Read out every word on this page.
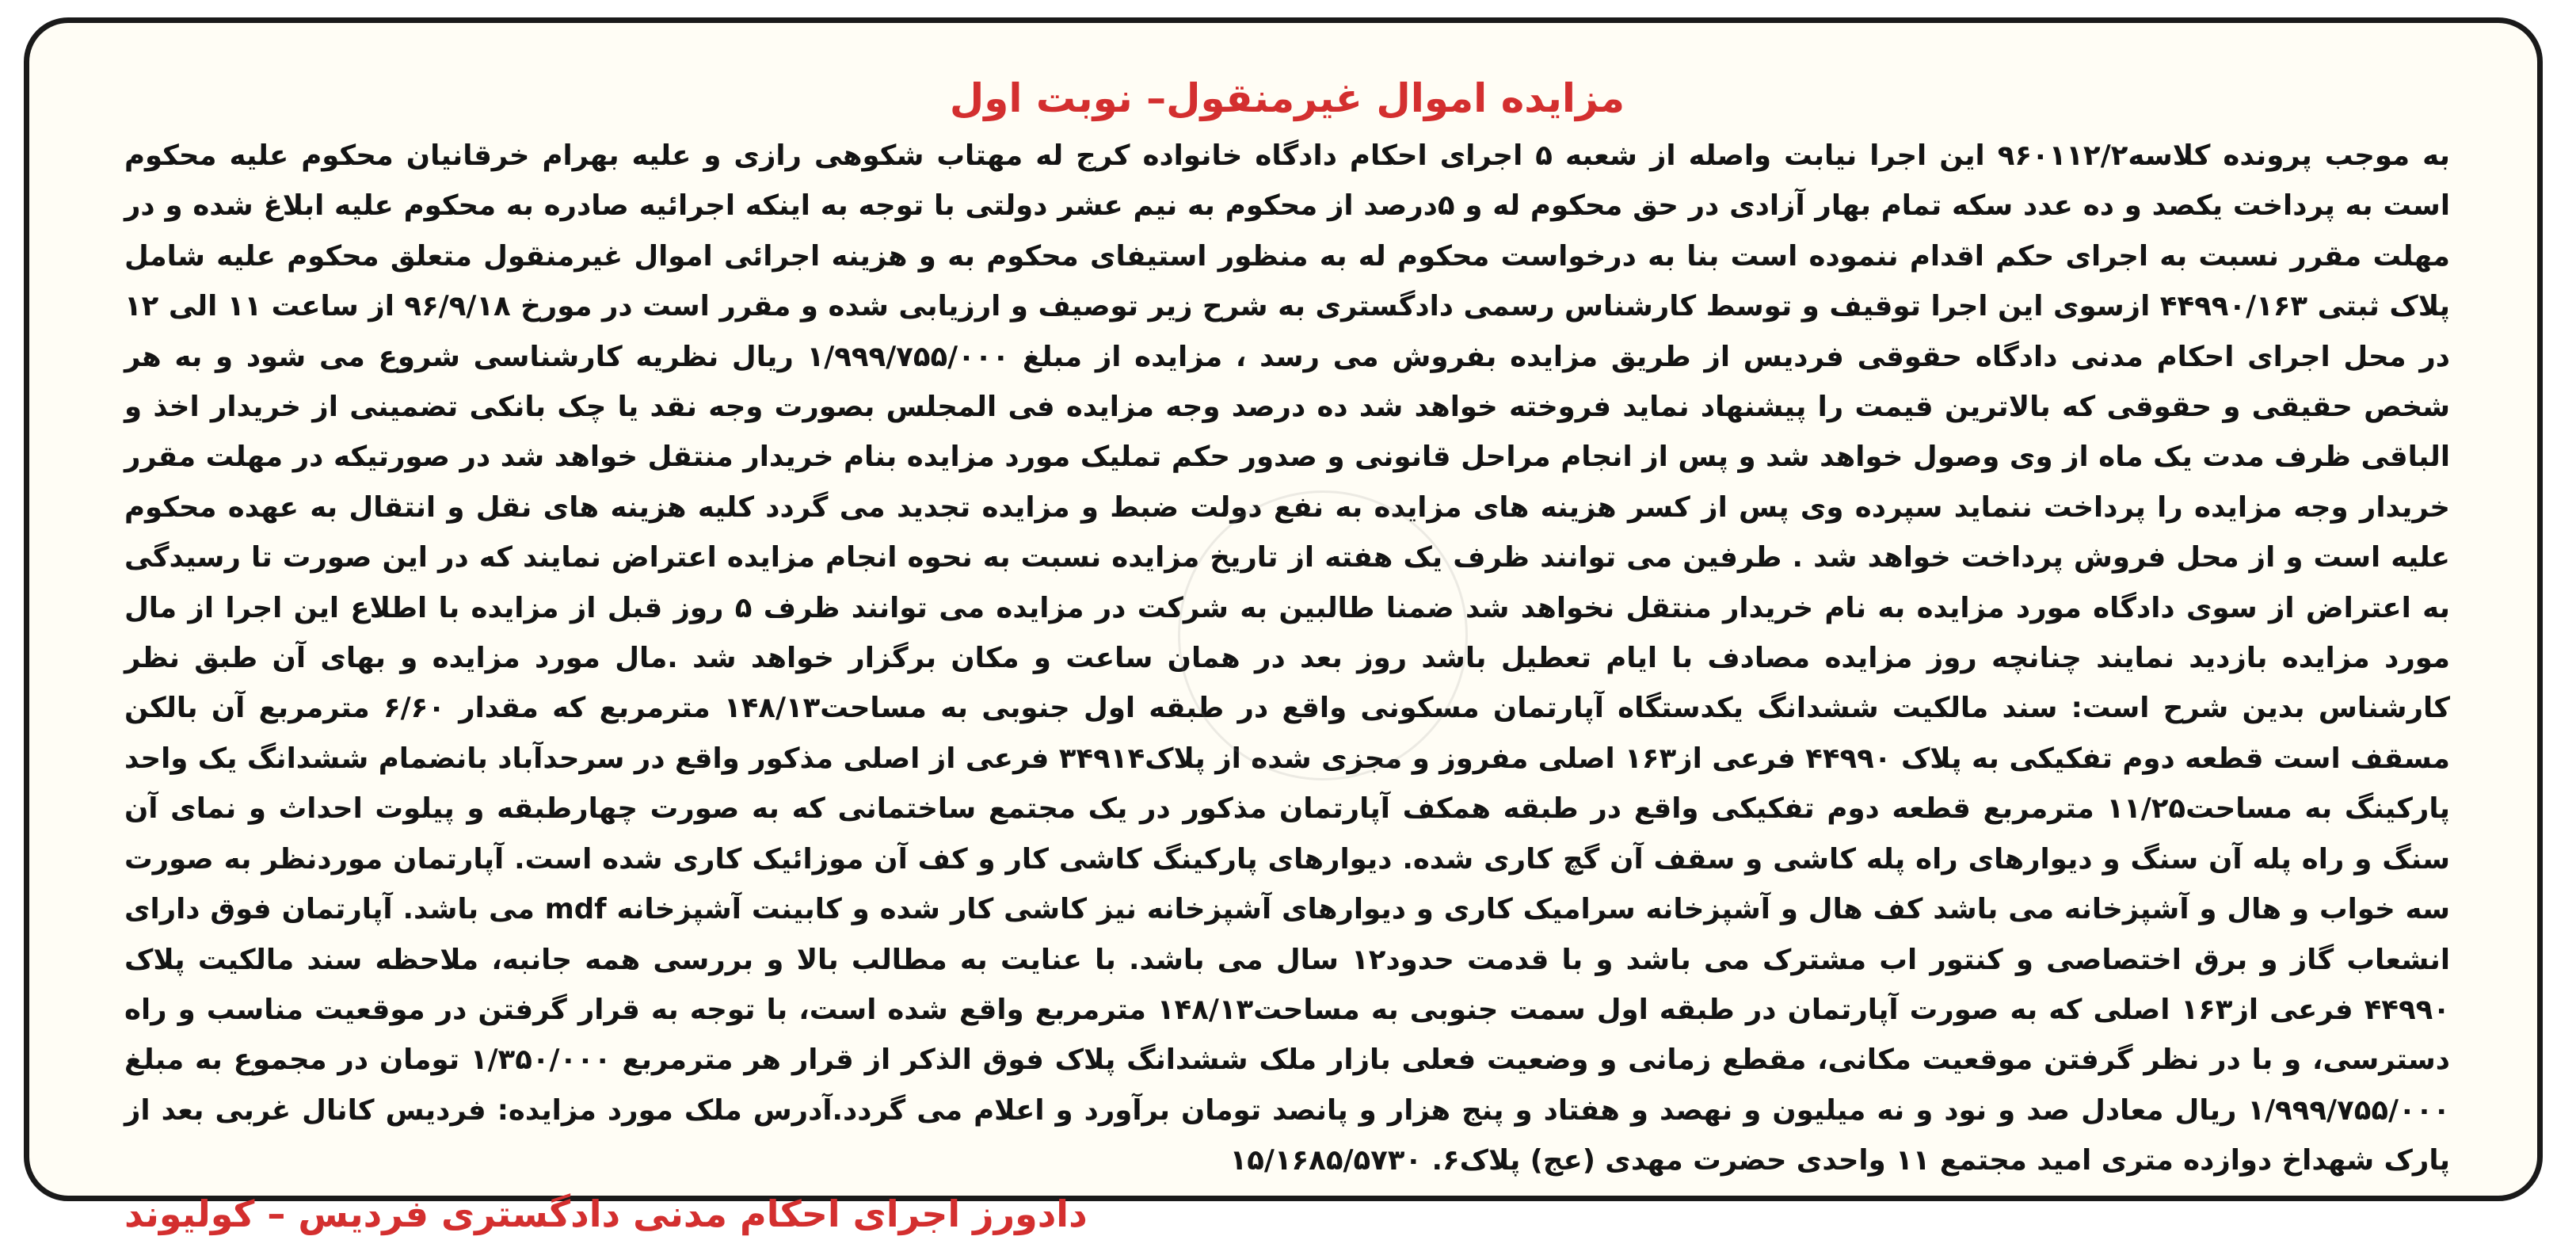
مزایده اموال غیرمنقول– نوبت اول

به موجب پرونده کلاسه۹۶۰۱۱۲/۲ این اجرا نیابت واصله از شعبه ۵ اجرای احکام دادگاه خانواده کرج له مهتاب شکوهی رازی و علیه بهرام خرقانیان محکوم علیه محکوم است به پرداخت یکصد و ده عدد سکه تمام بهار آزادی در حق محکوم له و ۵درصد از محکوم به نیم عشر دولتی با توجه به اینکه اجرائیه صادره به محکوم علیه ابلاغ شده و در مهلت مقرر نسبت به اجرای حکم اقدام ننموده است بنا به درخواست محکوم له به منظور استیفای محکوم به و هزینه اجرائی اموال غیرمنقول متعلق محکوم علیه شامل پلاک ثبتی ۴۴۹۹۰/۱۶۳ ازسوی این اجرا توقیف و توسط کارشناس رسمی دادگستری به شرح زیر توصیف و ارزیابی شده و مقرر است در مورخ ۹۶/۹/۱۸ از ساعت ۱۱ الی ۱۲ در محل اجرای احکام مدنی دادگاه حقوقی فردیس از طریق مزایده بفروش می رسد ، مزایده از مبلغ ۱/۹۹۹/۷۵۵/۰۰۰ ریال نظریه کارشناسی شروع می شود و به هر شخص حقیقی و حقوقی که بالاترین قیمت را پیشنهاد نماید فروخته خواهد شد ده درصد وجه مزایده فی المجلس بصورت وجه نقد یا چک بانکی تضمینی از خریدار اخذ و الباقی ظرف مدت یک ماه از وی وصول خواهد شد و پس از انجام مراحل قانونی و صدور حکم تملیک مورد مزایده بنام خریدار منتقل خواهد شد در صورتیکه در مهلت مقرر خریدار وجه مزایده را پرداخت ننماید سپرده وی پس از کسر هزینه های مزایده به نفع دولت ضبط و مزایده تجدید می گردد کلیه هزینه های نقل و انتقال به عهده محکوم علیه است و از محل فروش پرداخت خواهد شد . طرفین می توانند ظرف یک هفته از تاریخ مزایده نسبت به نحوه انجام مزایده اعتراض نمایند که در این صورت تا رسیدگی به اعتراض از سوی دادگاه مورد مزایده به نام خریدار منتقل نخواهد شد ضمنا طالبین به شرکت در مزایده می توانند ظرف ۵ روز قبل از مزایده با اطلاع این اجرا از مال مورد مزایده بازدید نمایند چنانچه روز مزایده مصادف با ایام تعطیل باشد روز بعد در همان ساعت و مکان برگزار خواهد شد .مال مورد مزایده و بهای آن طبق نظر کارشناس بدین شرح است: سند مالکیت ششدانگ یکدستگاه آپارتمان مسکونی واقع در طبقه اول جنوبی به مساحت۱۴۸/۱۳ مترمربع که مقدار ۶/۶۰ مترمربع آن بالکن مسقف است قطعه دوم تفکیکی به پلاک ۴۴۹۹۰ فرعی از۱۶۳ اصلی مفروز و مجزی شده از پلاک۳۴۹۱۴ فرعی از اصلی مذکور واقع در سرحدآباد بانضمام ششدانگ یک واحد پارکینگ به مساحت۱۱/۲۵ مترمربع قطعه دوم تفکیکی واقع در طبقه همکف آپارتمان مذکور در یک مجتمع ساختمانی که به صورت چهارطبقه و پیلوت احداث و نمای آن سنگ و راه پله آن سنگ و دیوارهای راه پله کاشی و سقف آن گچ کاری شده. دیوارهای پارکینگ کاشی کار و کف آن موزائیک کاری شده است. آپارتمان موردنظر به صورت سه خواب و هال و آشپزخانه می باشد کف هال و آشپزخانه سرامیک کاری و دیوارهای آشپزخانه نیز کاشی کار شده و کابینت آشپزخانه mdf می باشد. آپارتمان فوق دارای انشعاب گاز و برق اختصاصی و کنتور اب مشترک می باشد و با قدمت حدود۱۲ سال می باشد. با عنایت به مطالب بالا و بررسی همه جانبه، ملاحظه سند مالکیت پلاک ۴۴۹۹۰ فرعی از۱۶۳ اصلی که به صورت آپارتمان در طبقه اول سمت جنوبی به مساحت۱۴۸/۱۳ مترمربع واقع شده است، با توجه به قرار گرفتن در موقعیت مناسب و راه دسترسی، و با در نظر گرفتن موقعیت مکانی، مقطع زمانی و وضعیت فعلی بازار ملک ششدانگ پلاک فوق الذکر از قرار هر مترمربع ۱/۳۵۰/۰۰۰ تومان در مجموع به مبلغ ۱/۹۹۹/۷۵۵/۰۰۰ ریال معادل صد و نود و نه میلیون و نهصد و هفتاد و پنج هزار و پانصد تومان برآورد و اعلام می گردد.آدرس ملک مورد مزایده: فردیس کانال غربی بعد از پارک شهداخ دوازده متری امید مجتمع ۱۱ واحدی حضرت مهدی (عج) پلاک۶. ۱۵/۱۶۸۵/۵۷۳۰

دادورز اجرای احکام مدنی دادگستری فردیس – کولیوند
